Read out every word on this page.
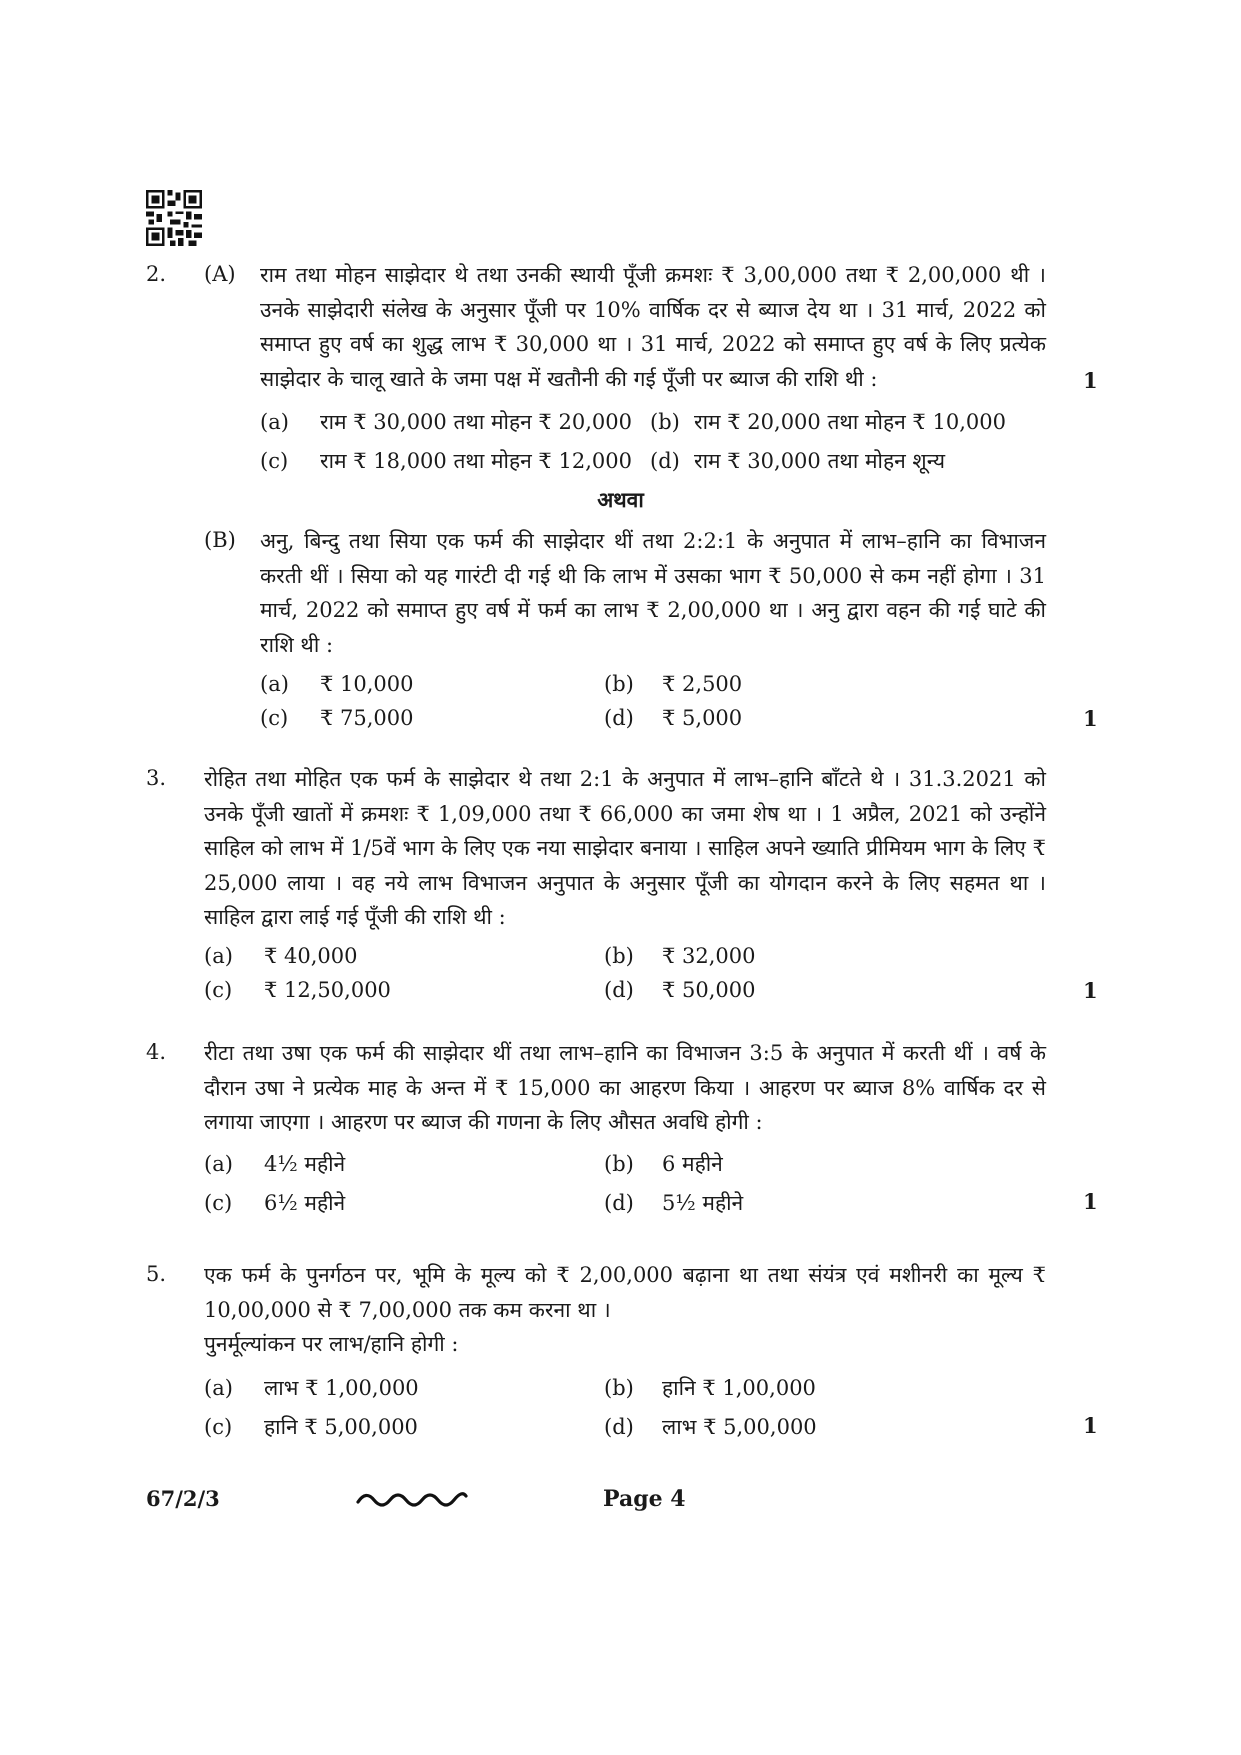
2. (A) राम तथा मोहन साझेदार थे तथा उनकी स्थायी पूँजी क्रमशः ₹ 3,00,000 तथा ₹ 2,00,000 थी । उनके साझेदारी संलेख के अनुसार पूँजी पर 10% वार्षिक दर से ब्याज देय था । 31 मार्च, 2022 को समाप्त हुए वर्ष का शुद्ध लाभ ₹ 30,000 था । 31 मार्च, 2022 को समाप्त हुए वर्ष के लिए प्रत्येक साझेदार के चालू खाते के जमा पक्ष में खतौनी की गई पूँजी पर ब्याज की राशि थी :	1
(a) राम ₹ 30,000 तथा मोहन ₹ 20,000 (b) राम ₹ 20,000 तथा मोहन ₹ 10,000
(c) राम ₹ 18,000 तथा मोहन ₹ 12,000 (d) राम ₹ 30,000 तथा मोहन शून्य
अथवा
(B) अनु, बिन्दु तथा सिया एक फर्म की साझेदार थीं तथा 2:2:1 के अनुपात में लाभ–हानि का विभाजन करती थीं । सिया को यह गारंटी दी गई थी कि लाभ में उसका भाग ₹ 50,000 से कम नहीं होगा । 31 मार्च, 2022 को समाप्त हुए वर्ष में फर्म का लाभ ₹ 2,00,000 था । अनु द्वारा वहन की गई घाटे की राशि थी :

(a) ₹ 10,000	(b) ₹ 2,500
(c) ₹ 75,000	(d) ₹ 5,000	1
3. रोहित तथा मोहित एक फर्म के साझेदार थे तथा 2:1 के अनुपात में लाभ–हानि बाँटते थे । 31.3.2021 को उनके पूँजी खातों में क्रमशः ₹ 1,09,000 तथा ₹ 66,000 का जमा शेष था । 1 अप्रैल, 2021 को उन्होंने साहिल को लाभ में 1/5वें भाग के लिए एक नया साझेदार बनाया । साहिल अपने ख्याति प्रीमियम भाग के लिए ₹ 25,000 लाया । वह नये लाभ विभाजन अनुपात के अनुसार पूँजी का योगदान करने के लिए सहमत था । साहिल द्वारा लाई गई पूँजी की राशि थी :

(a) ₹ 40,000	(b) ₹ 32,000
(c) ₹ 12,50,000	(d) ₹ 50,000	1
4. रीटा तथा उषा एक फर्म की साझेदार थीं तथा लाभ–हानि का विभाजन 3:5 के अनुपात में करती थीं । वर्ष के दौरान उषा ने प्रत्येक माह के अन्त में ₹ 15,000 का आहरण किया । आहरण पर ब्याज 8% वार्षिक दर से लगाया जाएगा । आहरण पर ब्याज की गणना के लिए औसत अवधि होगी :

(a) 4½ महीने	(b) 6 महीने
(c) 6½ महीने	(d) 5½ महीने	1
5. एक फर्म के पुनर्गठन पर, भूमि के मूल्य को ₹ 2,00,000 बढ़ाना था तथा संयंत्र एवं मशीनरी का मूल्य ₹ 10,00,000 से ₹ 7,00,000 तक कम करना था ।

पुनर्मूल्यांकन पर लाभ/हानि होगी :
(a) लाभ ₹ 1,00,000	(b) हानि ₹ 1,00,000
(c) हानि ₹ 5,00,000	(d) लाभ ₹ 5,00,000	1
67/2/3	Page 4
